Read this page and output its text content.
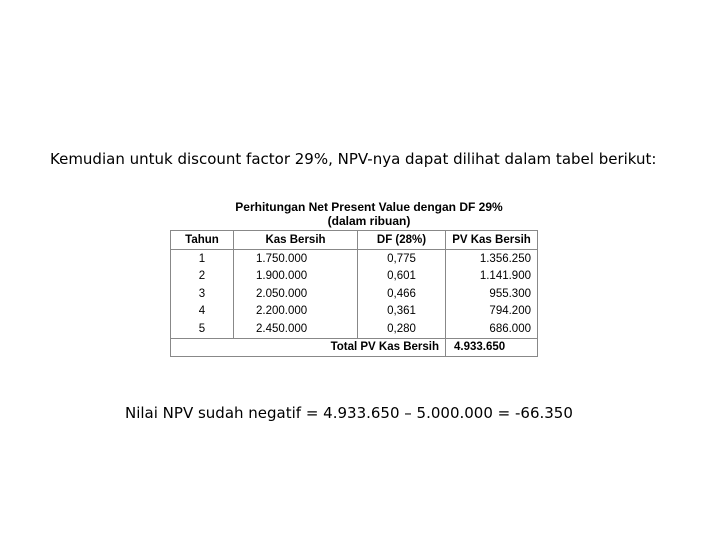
Kemudian untuk discount factor 29%, NPV-nya dapat dilihat dalam tabel berikut:
Perhitungan Net Present Value dengan DF 29%
(dalam ribuan)
Tahun	Kas Bersih	DF (28%)	PV Kas Bersih
1	1.750.000	0,775	1.356.250
2	1.900.000	0,601	1.141.900
3	2.050.000	0,466	955.300
4	2.200.000	0,361	794.200
5	2.450.000	0,280	686.000
Total PV Kas Bersih			4.933.650
Nilai NPV sudah negatif = 4.933.650 – 5.000.000 = -66.350
